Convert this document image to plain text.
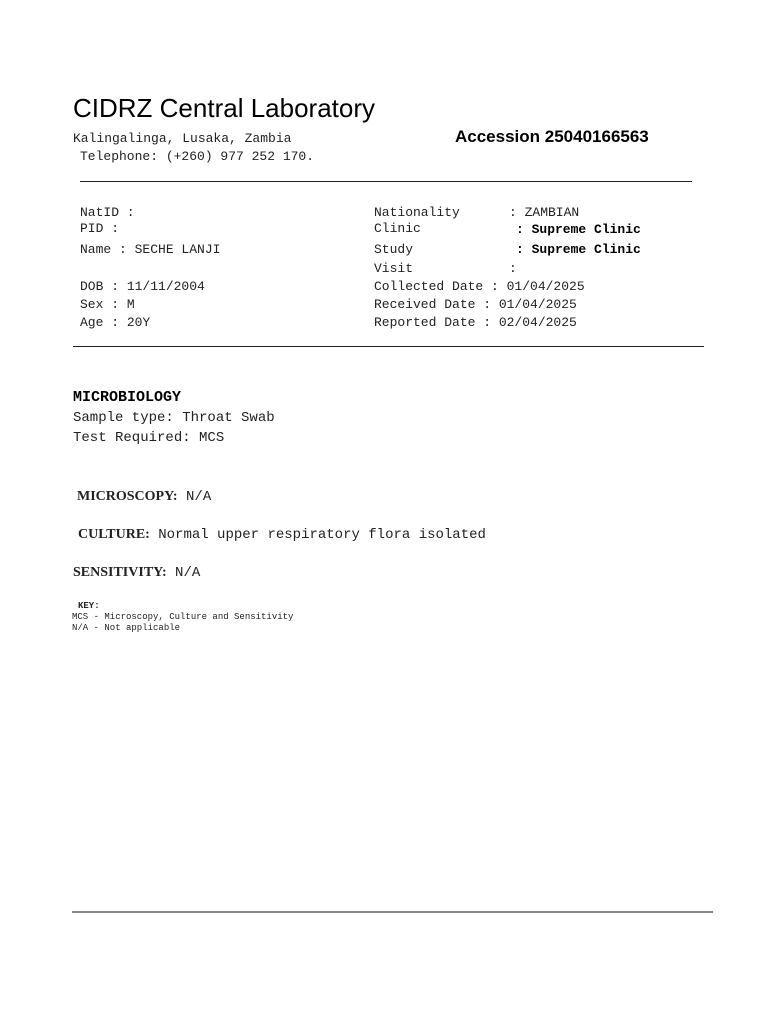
CIDRZ Central Laboratory
Kalingalinga, Lusaka, Zambia
Telephone: (+260) 977 252 170.
Accession 25040166563
NatID :
PID :
Name : SECHE LANJI
DOB : 11/11/2004
Sex : M
Age : 20Y
Nationality	: ZAMBIAN
Clinic	: Supreme Clinic
Study	: Supreme Clinic
Visit	:
Collected Date : 01/04/2025
Received Date : 01/04/2025
Reported Date : 02/04/2025
MICROBIOLOGY
Sample type: Throat Swab
Test Required: MCS
MICROSCOPY: N/A
CULTURE: Normal upper respiratory flora isolated
SENSITIVITY: N/A
KEY:
MCS - Microscopy, Culture and Sensitivity
N/A - Not applicable
